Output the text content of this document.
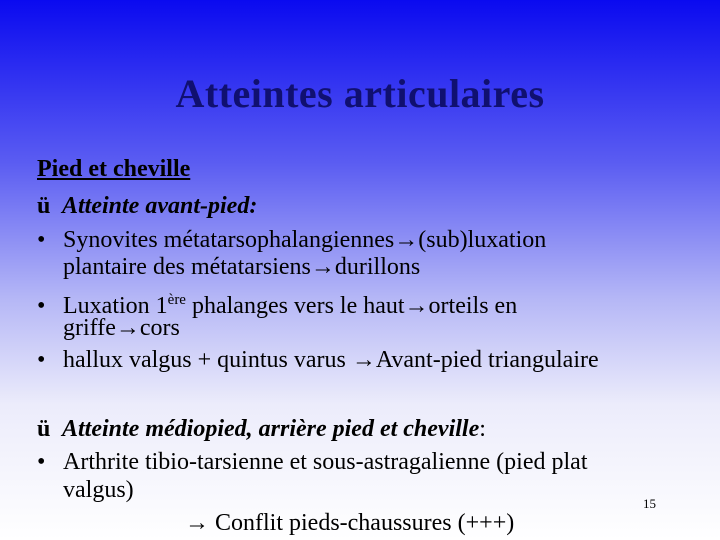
Atteintes articulaires
Pied et cheville
ü Atteinte avant-pied:
• Synovites métatarsophalangiennes→(sub)luxation
plantaire des métatarsiens→durillons
• Luxation 1ère phalanges vers le haut→orteils en
griffe→cors
• hallux valgus + quintus varus →Avant-pied triangulaire
ü Atteinte médiopied, arrière pied et cheville:
• Arthrite tibio-tarsienne et sous-astragalienne (pied plat
valgus)
→ Conflit pieds-chaussures (+++)
15
